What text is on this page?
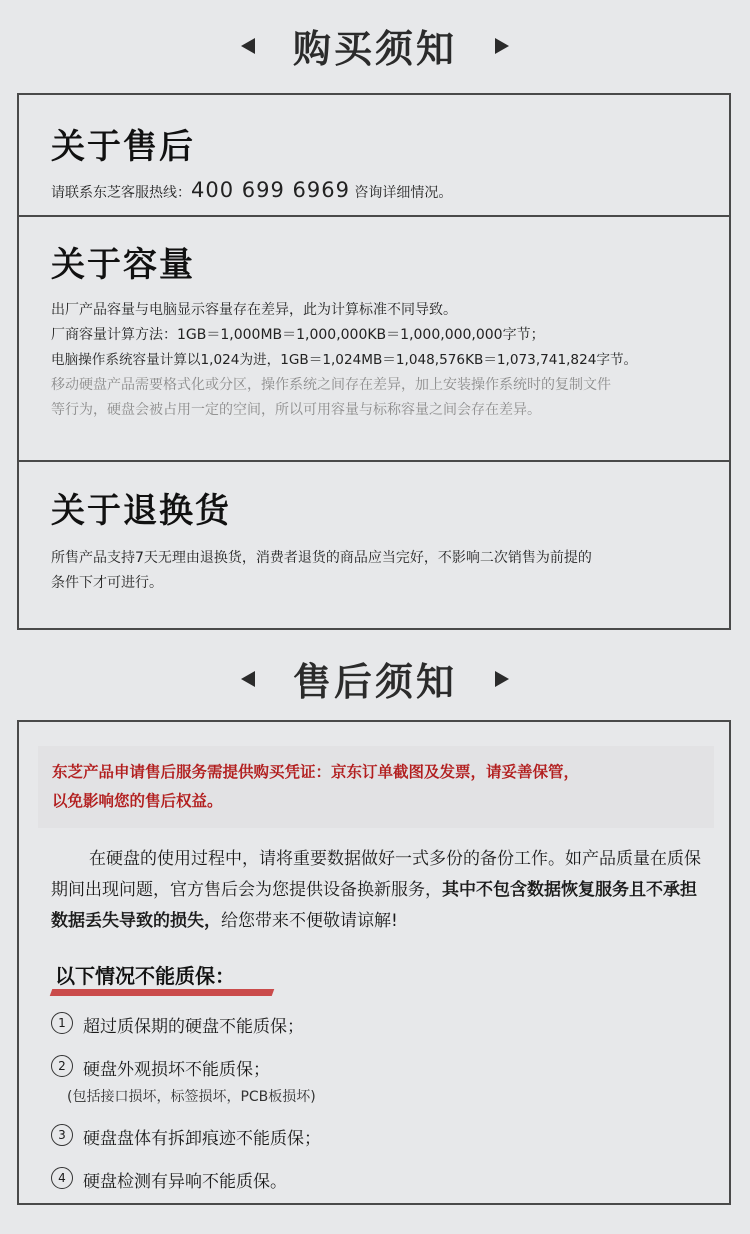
购买须知
关于售后
请联系东芝客服热线：400 699 6969 咨询详细情况。
关于容量
出厂产品容量与电脑显示容量存在差异，此为计算标准不同导致。
厂商容量计算方法：1GB＝1,000MB＝1,000,000KB＝1,000,000,000字节；
电脑操作系统容量计算以1,024为进，1GB＝1,024MB＝1,048,576KB＝1,073,741,824字节。
移动硬盘产品需要格式化或分区，操作系统之间存在差异，加上安装操作系统时的复制文件
等行为，硬盘会被占用一定的空间，所以可用容量与标称容量之间会存在差异。
关于退换货
所售产品支持7天无理由退换货，消费者退货的商品应当完好，不影响二次销售为前提的
条件下才可进行。
售后须知
东芝产品申请售后服务需提供购买凭证：京东订单截图及发票，请妥善保管，
以免影响您的售后权益。
在硬盘的使用过程中，请将重要数据做好一式多份的备份工作。如产品质量在质保期间出现问题，官方售后会为您提供设备换新服务，其中不包含数据恢复服务且不承担数据丢失导致的损失，给您带来不便敬请谅解!
以下情况不能质保：
1	超过质保期的硬盘不能质保；
2	硬盘外观损坏不能质保；
(包括接口损坏，标签损坏，PCB板损坏)
3	硬盘盘体有拆卸痕迹不能质保；
4	硬盘检测有异响不能质保。
